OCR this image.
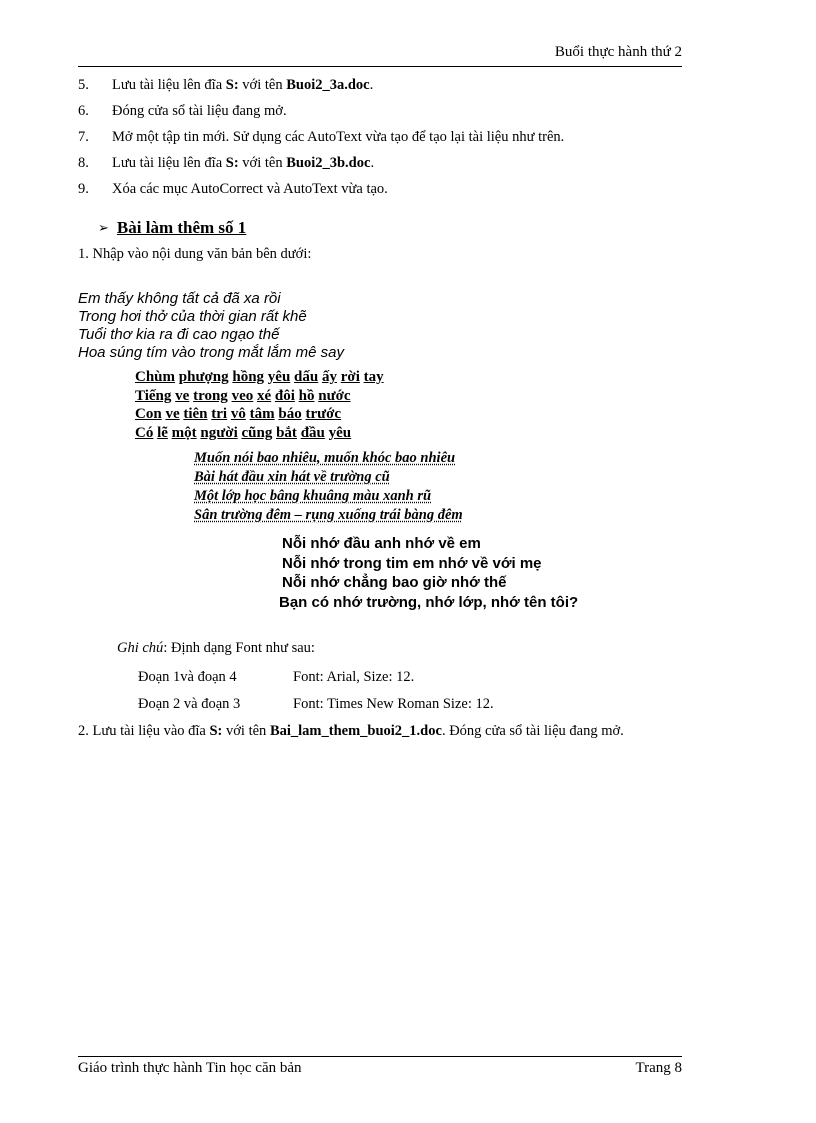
Buổi thực hành thứ 2
5.	Lưu tài liệu lên đĩa S: với tên Buoi2_3a.doc.
6.	Đóng cửa sổ tài liệu đang mở.
7.	Mở một tập tin mới. Sử dụng các AutoText vừa tạo để tạo lại tài liệu như trên.
8.	Lưu tài liệu lên đĩa S: với tên Buoi2_3b.doc.
9.	Xóa các mục AutoCorrect và AutoText vừa tạo.
➢ Bài làm thêm số 1
1. Nhập vào nội dung văn bản bên dưới:
Em thấy không tất cả đã xa rồi
Trong hơi thở của thời gian rất khẽ
Tuổi thơ kia ra đi cao ngạo thế
Hoa súng tím vào trong mắt lắm mê say
Chùm phượng hồng yêu dấu ấy rời tay
Tiếng ve trong veo xé đôi hồ nước
Con ve tiên tri vô tâm báo trước
Có lẽ một người cũng bắt đầu yêu
Muốn nói bao nhiêu, muốn khóc bao nhiêu
Bài hát đầu xin hát về trường cũ
Một lớp học bâng khuâng màu xanh rũ
Sân trường đêm – rụng xuống trái bàng đêm
Nỗi nhớ đầu anh nhớ về em
Nỗi nhớ trong tim em nhớ về với mẹ
Nỗi nhớ chẳng bao giờ nhớ thế
Bạn có nhớ trường, nhớ lớp, nhớ tên tôi?
Ghi chú: Định dạng Font như sau:
Đoạn 1và đoạn 4	Font: Arial, Size: 12.
Đoạn 2 và đoạn 3	Font: Times New Roman Size: 12.
2. Lưu tài liệu vào đĩa S: với tên Bai_lam_them_buoi2_1.doc. Đóng cửa sổ tài liệu đang mở.
Giáo trình thực hành Tin học căn bản	Trang 8
